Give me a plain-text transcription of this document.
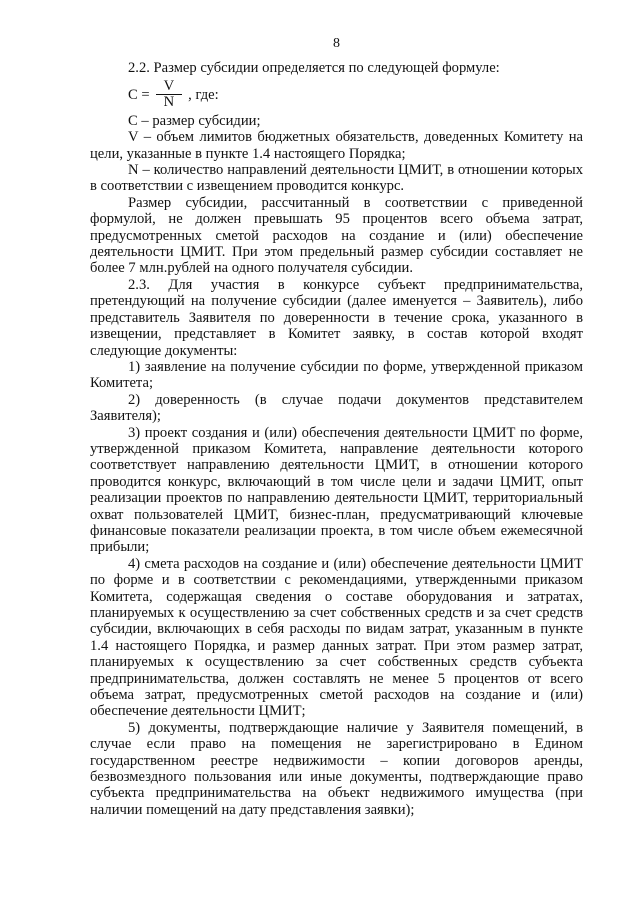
8

2.2. Размер субсидии определяется по следующей формуле:

$С = \frac{V}{N}$ , где:

С – размер субсидии;

V – объем лимитов бюджетных обязательств, доведенных Комитету на цели, указанные в пункте 1.4 настоящего Порядка;

N – количество направлений деятельности ЦМИТ, в отношении которых в соответствии с извещением проводится конкурс.

Размер субсидии, рассчитанный в соответствии с приведенной формулой, не должен превышать 95 процентов всего объема затрат, предусмотренных сметой расходов на создание и (или) обеспечение деятельности ЦМИТ. При этом предельный размер субсидии составляет не более 7 млн.рублей на одного получателя субсидии.

2.3. Для участия в конкурсе субъект предпринимательства, претендующий на получение субсидии (далее именуется – Заявитель), либо представитель Заявителя по доверенности в течение срока, указанного в извещении, представляет в Комитет заявку, в состав которой входят следующие документы:

1) заявление на получение субсидии по форме, утвержденной приказом Комитета;

2) доверенность (в случае подачи документов представителем Заявителя);

3) проект создания и (или) обеспечения деятельности ЦМИТ по форме, утвержденной приказом Комитета, направление деятельности которого соответствует направлению деятельности ЦМИТ, в отношении которого проводится конкурс, включающий в том числе цели и задачи ЦМИТ, опыт реализации проектов по направлению деятельности ЦМИТ, территориальный охват пользователей ЦМИТ, бизнес-план, предусматривающий ключевые финансовые показатели реализации проекта, в том числе объем ежемесячной прибыли;

4) смета расходов на создание и (или) обеспечение деятельности ЦМИТ по форме и в соответствии с рекомендациями, утвержденными приказом Комитета, содержащая сведения о составе оборудования и затратах, планируемых к осуществлению за счет собственных средств и за счет средств субсидии, включающих в себя расходы по видам затрат, указанным в пункте 1.4 настоящего Порядка, и размер данных затрат. При этом размер затрат, планируемых к осуществлению за счет собственных средств субъекта предпринимательства, должен составлять не менее 5 процентов от всего объема затрат, предусмотренных сметой расходов на создание и (или) обеспечение деятельности ЦМИТ;

5) документы, подтверждающие наличие у Заявителя помещений, в случае если право на помещения не зарегистрировано в Едином государственном реестре недвижимости – копии договоров аренды, безвозмездного пользования или иные документы, подтверждающие право субъекта предпринимательства на объект недвижимого имущества (при наличии помещений на дату представления заявки);
